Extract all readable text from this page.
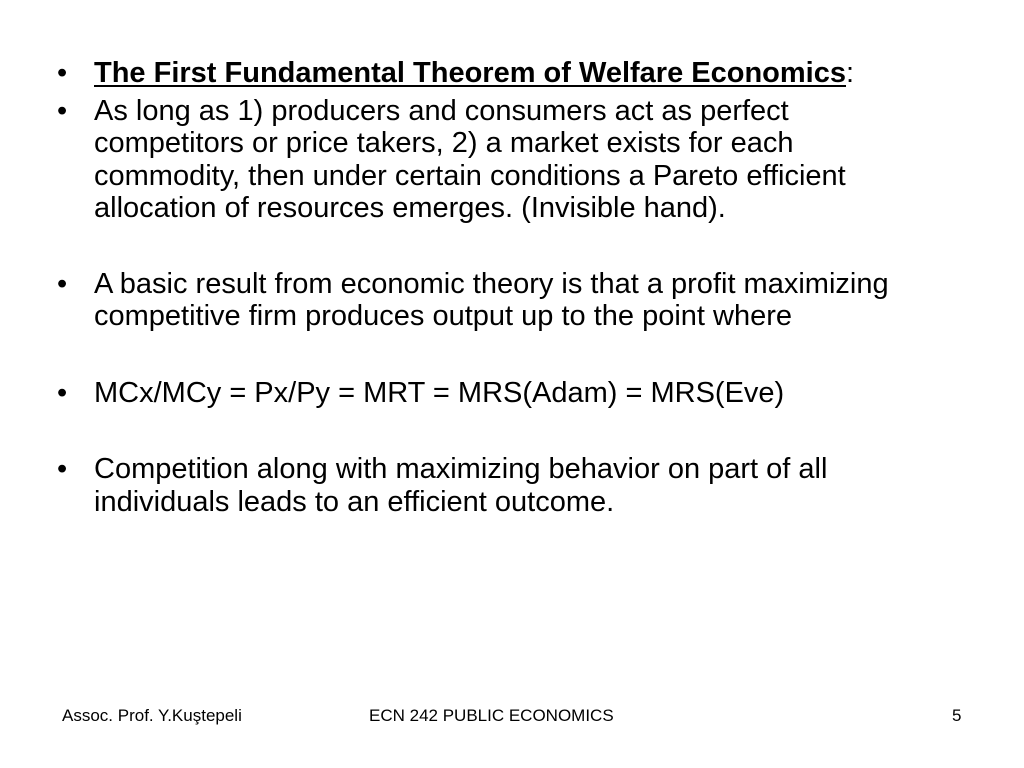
• The First Fundamental Theorem of Welfare Economics:
• As long as 1) producers and consumers act as perfect competitors or price takers, 2) a market exists for each commodity, then under certain conditions a Pareto efficient allocation of resources emerges. (Invisible hand).
• A basic result from economic theory is that a profit maximizing competitive firm produces output up to the point where
• MCx/MCy = Px/Py = MRT = MRS(Adam) = MRS(Eve)
• Competition along with maximizing behavior on part of all individuals leads to an efficient outcome.
Assoc. Prof. Y.Kuştepeli	ECN 242 PUBLIC ECONOMICS	5
